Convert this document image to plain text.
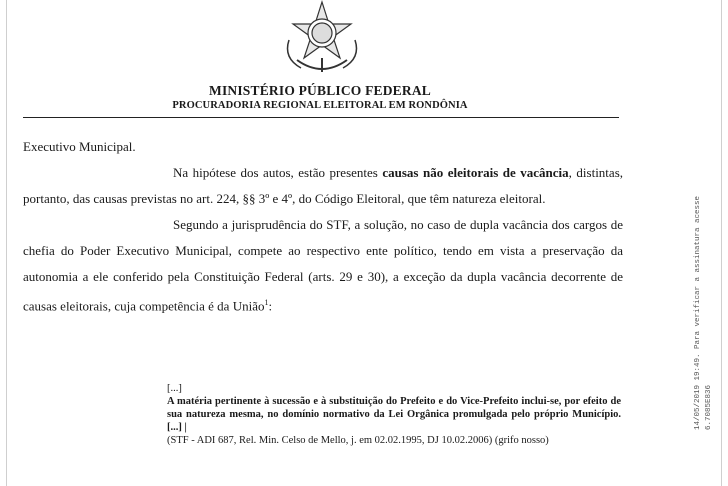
MINISTÉRIO PÚBLICO FEDERAL
PROCURADORIA REGIONAL ELEITORAL EM RONDÔNIA

Executivo Municipal.

Na hipótese dos autos, estão presentes causas não eleitorais de vacância, distintas, portanto, das causas previstas no art. 224, §§ 3º e 4º, do Código Eleitoral, que têm natureza eleitoral.

Segundo a jurisprudência do STF, a solução, no caso de dupla vacância dos cargos de chefia do Poder Executivo Municipal, compete ao respectivo ente político, tendo em vista a preservação da autonomia a ele conferido pela Constituição Federal (arts. 29 e 30), a exceção da dupla vacância decorrente de causas eleitorais, cuja competência é da União$^1$:

[...]

A matéria pertinente à sucessão e à substituição do Prefeito e do Vice-Prefeito inclui-se, por efeito de sua natureza mesma, no domínio normativo da Lei Orgânica promulgada pelo próprio Município. [...] |

(STF - ADI 687, Rel. Min. Celso de Mello, j. em 02.02.1995, DJ 10.02.2006) (grifo nosso)

14/05/2019 19:49. Para verificar a assinatura acesse 6.7085E836
